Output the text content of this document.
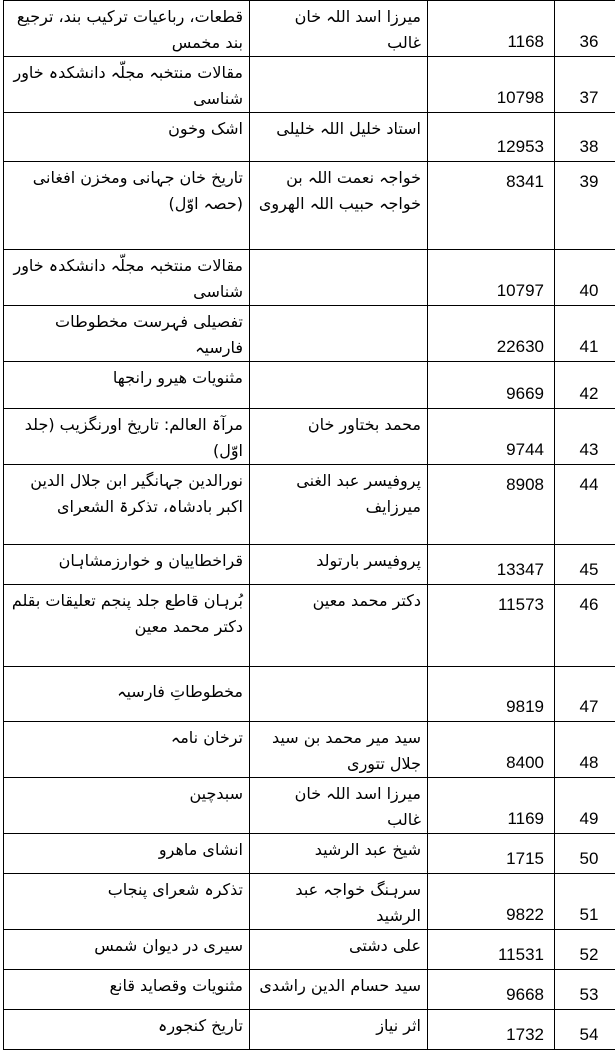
قطعات، رباعیات ترکیب بند، ترجیع بند مخمس	میرزا اسد اللہ خان غالب	1168	36
مقالات منتخبہ مجلّہ دانشکدہ خاور شناسی		10798	37
اشک وخون	استاد خلیل اللہ خلیلی	12953	38
تاریخ خان جہانی ومخزن افغانی (حصہ اوّل)	خواجہ نعمت اللہ بن خواجہ حبیب اللہ الھروی	8341	39
مقالات منتخبہ مجلّہ دانشکدہ خاور شناسی		10797	40
تفصیلی فہرست مخطوطات فارسیہ		22630	41
مثنویات ھیرو رانجھا		9669	42
مرآۃ العالم: تاریخ اورنگزیب (جلد اوّل)	محمد بختاور خان	9744	43
نورالدین جہانگیر ابن جلال الدین اکبر بادشاہ، تذکرۃ الشعرای	پروفیسر عبد الغنی میرزایف	8908	44
قراخطاییان و خوارزمشاہان	پروفیسر بارتولد	13347	45
بُرہان قاطع جلد پنجم تعلیقات بقلم دکتر محمد معین	دکتر محمد معین	11573	46
مخطوطاتِ فارسیہ		9819	47
ترخان نامہ	سید میر محمد بن سید جلال تتوری	8400	48
سبدچین	میرزا اسد اللہ خان غالب	1169	49
انشای ماھرو	شیخ عبد الرشید	1715	50
تذکرہ شعرای پنجاب	سرہنگ خواجہ عبد الرشید	9822	51
سیری در دیوان شمس	علی دشتی	11531	52
مثنویات وقصاید قانع	سید حسام الدین راشدی	9668	53
تاریخ کنجورہ	اثر نیاز	1732	54
